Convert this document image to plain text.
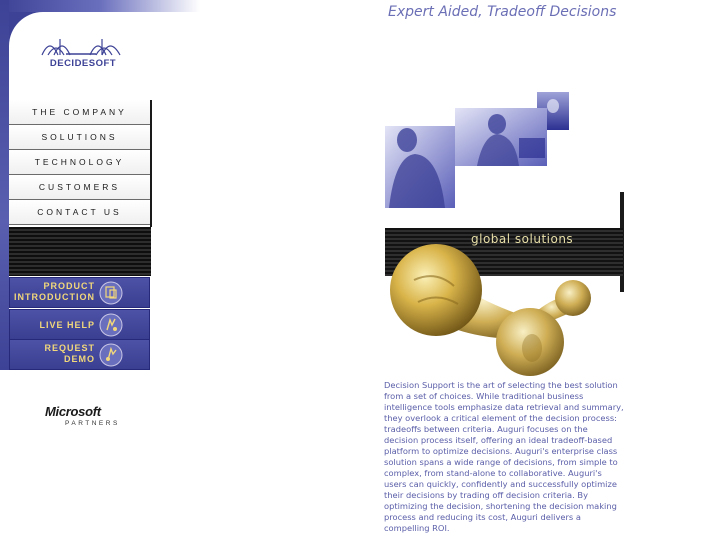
DECIDESOFT
THE COMPANY
SOLUTIONS
TECHNOLOGY
CUSTOMERS
CONTACT US
PRODUCT
INTRODUCTION
LIVE HELP
REQUEST
DEMO
Microsoft
PARTNERS
Expert Aided, Tradeoff Decisions
global solutions
Decision Support is the art of selecting the best solution from a set of choices. While traditional business intelligence tools emphasize data retrieval and summary, they overlook a critical element of the decision process: tradeoffs between criteria. Auguri focuses on the decision process itself, offering an ideal tradeoff-based platform to optimize decisions. Auguri's enterprise class solution spans a wide range of decisions, from simple to complex, from stand-alone to collaborative. Auguri's users can quickly, confidently and successfully optimize their decisions by trading off decision criteria. By optimizing the decision, shortening the decision making process and reducing its cost, Auguri delivers a compelling ROI.
